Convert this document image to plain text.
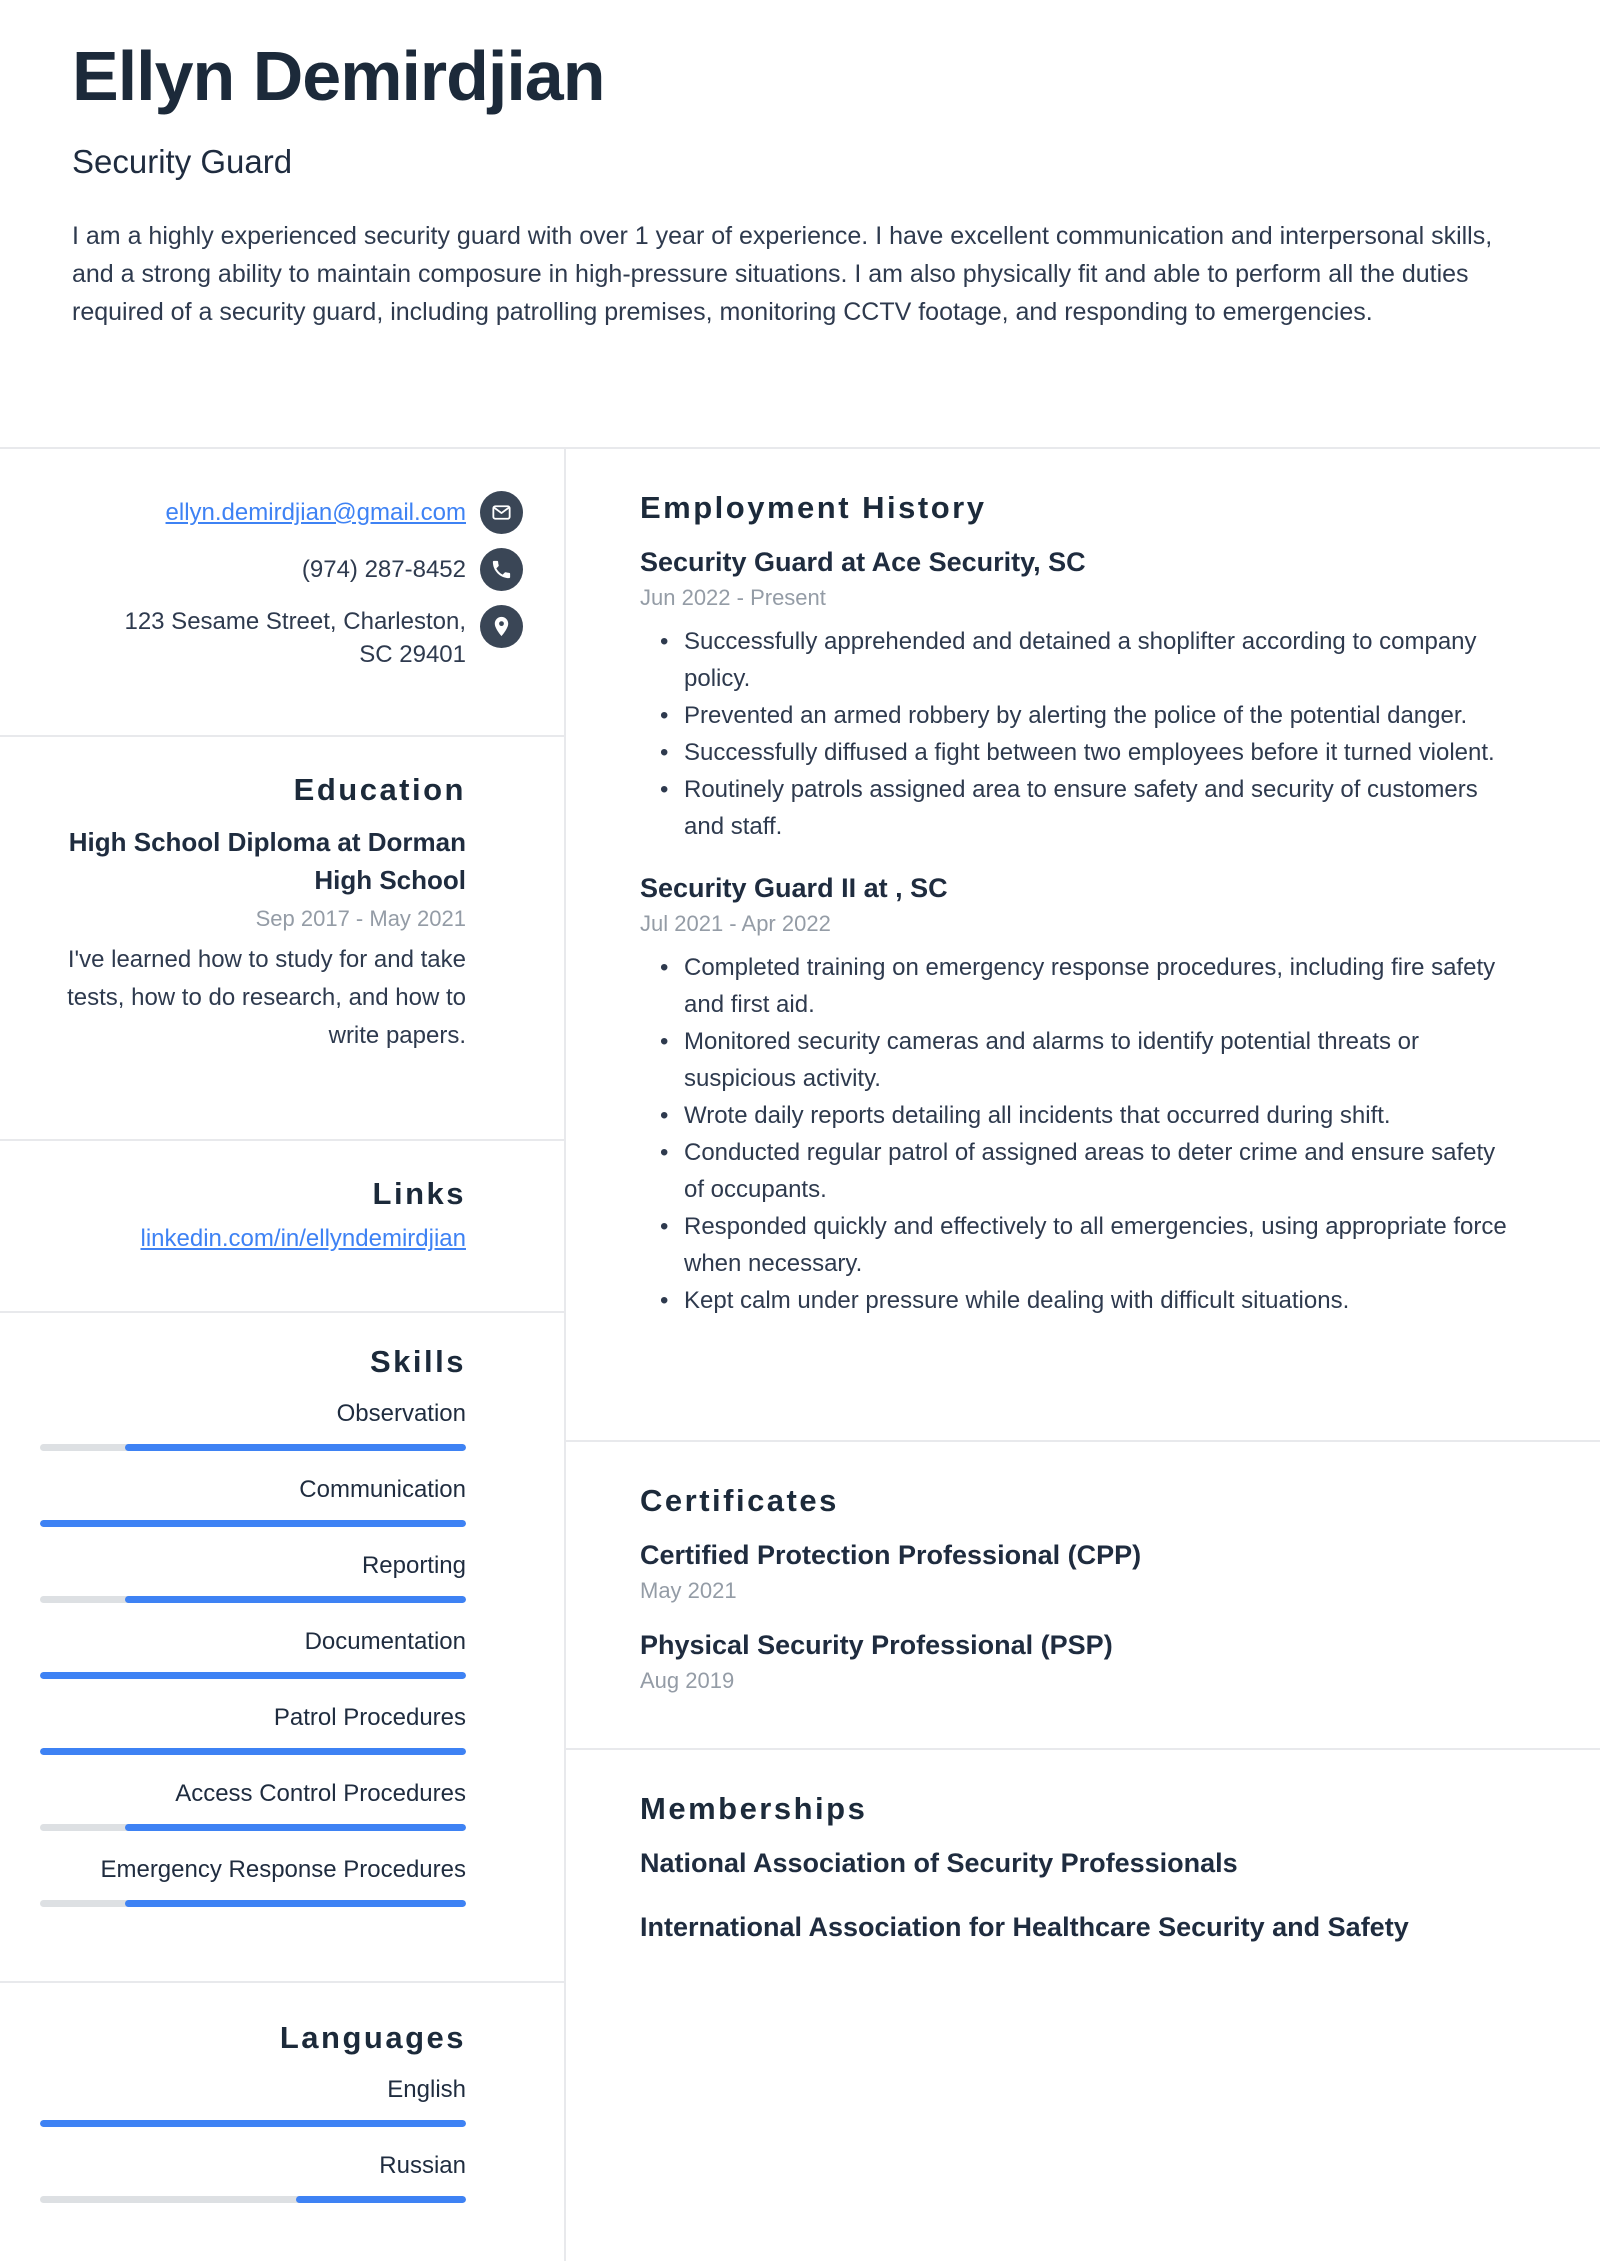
Ellyn Demirdjian
Security Guard

I am a highly experienced security guard with over 1 year of experience. I have excellent communication and interpersonal skills, and a strong ability to maintain composure in high-pressure situations. I am also physically fit and able to perform all the duties required of a security guard, including patrolling premises, monitoring CCTV footage, and responding to emergencies.

ellyn.demirdjian@gmail.com
(974) 287-8452
123 Sesame Street, Charleston,
SC 29401
Education
High School Diploma at Dorman High School
Sep 2017 - May 2021
I've learned how to study for and take tests, how to do research, and how to write papers.
Links
linkedin.com/in/ellyndemirdjian
Skills
Observation
Communication
Reporting
Documentation
Patrol Procedures
Access Control Procedures
Emergency Response Procedures
Languages
English
Russian
Employment History
Security Guard at Ace Security, SC
Jun 2022 - Present
• Successfully apprehended and detained a shoplifter according to company policy.
• Prevented an armed robbery by alerting the police of the potential danger.
• Successfully diffused a fight between two employees before it turned violent.
• Routinely patrols assigned area to ensure safety and security of customers and staff.
Security Guard II at , SC
Jul 2021 - Apr 2022
• Completed training on emergency response procedures, including fire safety and first aid.
• Monitored security cameras and alarms to identify potential threats or suspicious activity.
• Wrote daily reports detailing all incidents that occurred during shift.
• Conducted regular patrol of assigned areas to deter crime and ensure safety of occupants.
• Responded quickly and effectively to all emergencies, using appropriate force when necessary.
• Kept calm under pressure while dealing with difficult situations.
Certificates
Certified Protection Professional (CPP)
May 2021
Physical Security Professional (PSP)
Aug 2019
Memberships
National Association of Security Professionals
International Association for Healthcare Security and Safety
